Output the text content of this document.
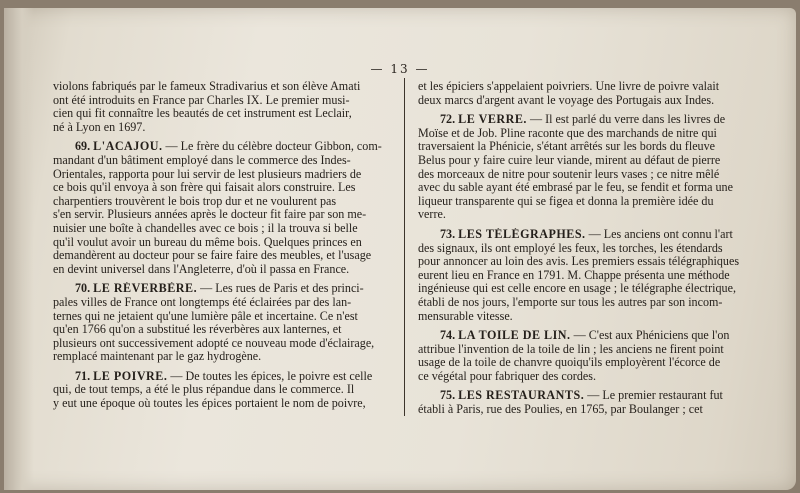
— 13 —
violons fabriqués par le fameux Stradivarius et son élève Amati
ont été introduits en France par Charles IX. Le premier musi-
cien qui fit connaître les beautés de cet instrument est Leclair,
né à Lyon en 1697.
69. L'ACAJOU. — Le frère du célèbre docteur Gibbon, com-
mandant d'un bâtiment employé dans le commerce des Indes-
Orientales, rapporta pour lui servir de lest plusieurs madriers de
ce bois qu'il envoya à son frère qui faisait alors construire. Les
charpentiers trouvèrent le bois trop dur et ne voulurent pas
s'en servir. Plusieurs années après le docteur fit faire par son me-
nuisier une boîte à chandelles avec ce bois ; il la trouva si belle
qu'il voulut avoir un bureau du même bois. Quelques princes en
demandèrent au docteur pour se faire faire des meubles, et l'usage
en devint universel dans l'Angleterre, d'où il passa en France.
70. LE RÉVERBÈRE. — Les rues de Paris et des princi-
pales villes de France ont longtemps été éclairées par des lan-
ternes qui ne jetaient qu'une lumière pâle et incertaine. Ce n'est
qu'en 1766 qu'on a substitué les réverbères aux lanternes, et
plusieurs ont successivement adopté ce nouveau mode d'éclairage,
remplacé maintenant par le gaz hydrogène.
71. LE POIVRE. — De toutes les épices, le poivre est celle
qui, de tout temps, a été le plus répandue dans le commerce. Il
y eut une époque où toutes les épices portaient le nom de poivre,
et les épiciers s'appelaient poivriers. Une livre de poivre valait
deux marcs d'argent avant le voyage des Portugais aux Indes.
72. LE VERRE. — Il est parlé du verre dans les livres de
Moïse et de Job. Pline raconte que des marchands de nitre qui
traversaient la Phénicie, s'étant arrêtés sur les bords du fleuve
Belus pour y faire cuire leur viande, mirent au défaut de pierre
des morceaux de nitre pour soutenir leurs vases ; ce nitre mêlé
avec du sable ayant été embrasé par le feu, se fendit et forma une
liqueur transparente qui se figea et donna la première idée du
verre.
73. LES TÉLÉGRAPHES. — Les anciens ont connu l'art
des signaux, ils ont employé les feux, les torches, les étendards
pour annoncer au loin des avis. Les premiers essais télégraphiques
eurent lieu en France en 1791. M. Chappe présenta une méthode
ingénieuse qui est celle encore en usage ; le télégraphe électrique,
établi de nos jours, l'emporte sur tous les autres par son incom-
mensurable vitesse.
74. LA TOILE DE LIN. — C'est aux Phéniciens que l'on
attribue l'invention de la toile de lin ; les anciens ne firent point
usage de la toile de chanvre quoiqu'ils employèrent l'écorce de
ce végétal pour fabriquer des cordes.
75. LES RESTAURANTS. — Le premier restaurant fut
établi à Paris, rue des Poulies, en 1765, par Boulanger ; cet
